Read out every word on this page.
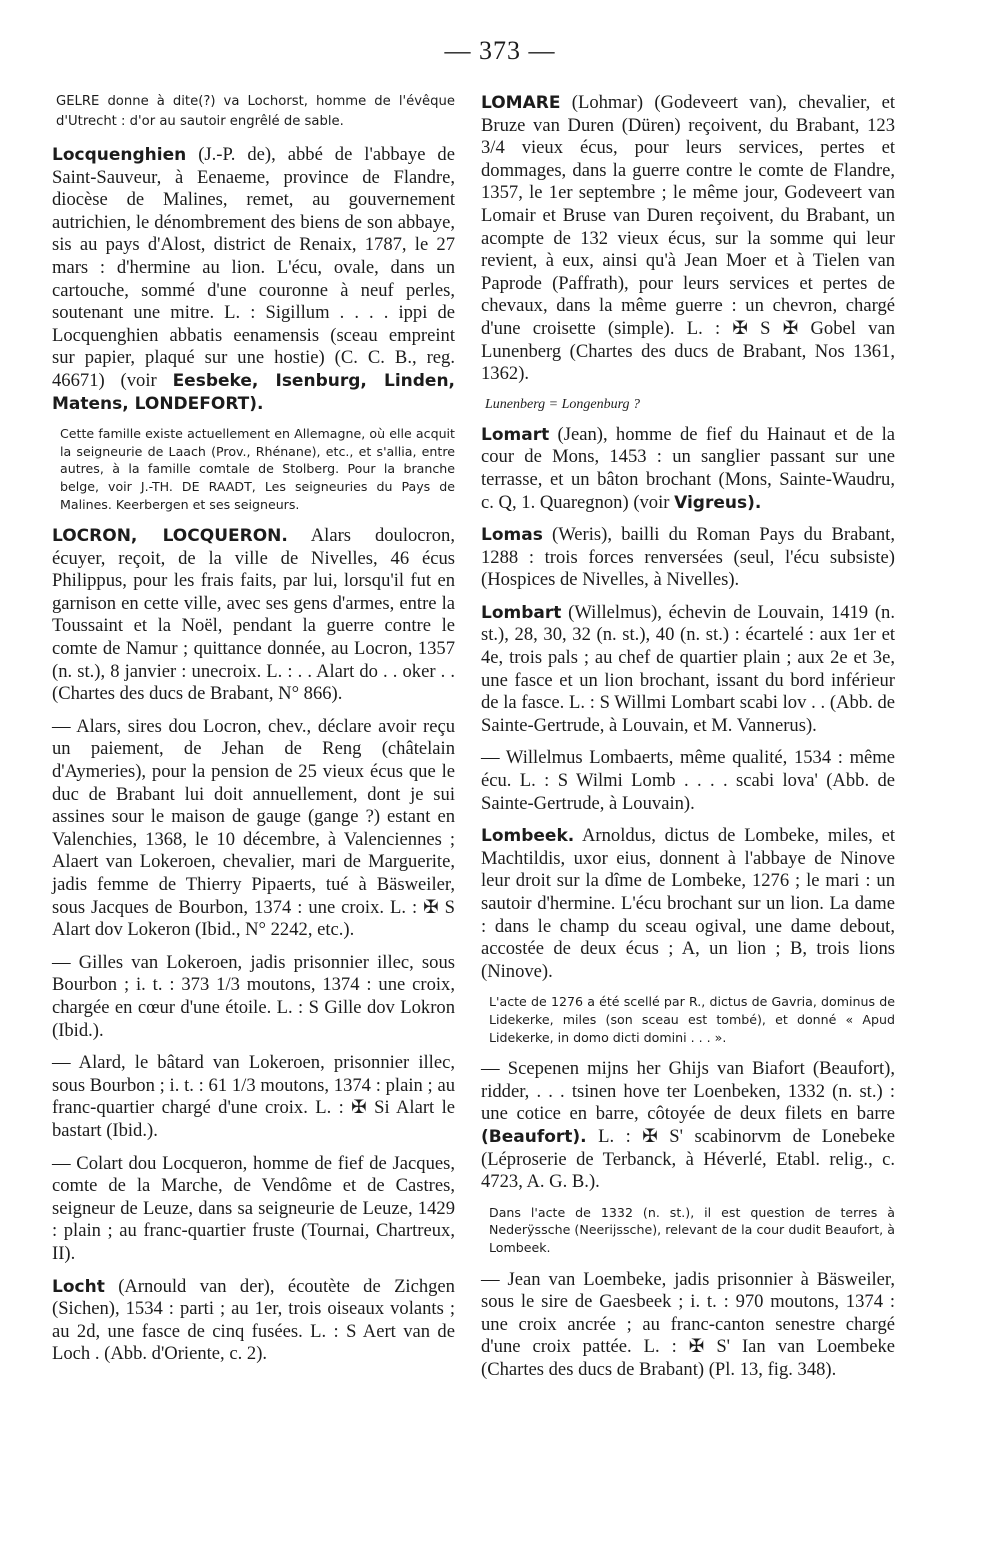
— 373 —

GELRE donne à dite(?) va Lochorst, homme de l'évêque d'Utrecht : d'or au sautoir engrêlé de sable.

Locquenghien (J.-P. de), abbé de l'abbaye de Saint-Sauveur, à Eenaeme, province de Flandre, diocèse de Malines, remet, au gouvernement autrichien, le dénombrement des biens de son abbaye, sis au pays d'Alost, district de Renaix, 1787, le 27 mars : d'hermine au lion. L'écu, ovale, dans un cartouche, sommé d'une couronne à neuf perles, soutenant une mitre. L. : Sigillum . . . . ippi de Locquenghien abbatis eenamensis (sceau empreint sur papier, plaqué sur une hostie) (C. C. B., reg. 46671) (voir Eesbeke, Isenburg, Linden, Matens, LONDEFORT).

Cette famille existe actuellement en Allemagne, où elle acquit la seigneurie de Laach (Prov., Rhénane), etc., et s'allia, entre autres, à la famille comtale de Stolberg. Pour la branche belge, voir J.-TH. DE RAADT, Les seigneuries du Pays de Malines. Keerbergen et ses seigneurs.

LOCRON, LOCQUERON. Alars doulocron, écuyer, reçoit, de la ville de Nivelles, 46 écus Philippus, pour les frais faits, par lui, lorsqu'il fut en garnison en cette ville, avec ses gens d'armes, entre la Toussaint et la Noël, pendant la guerre contre le comte de Namur ; quittance donnée, au Locron, 1357 (n. st.), 8 janvier : unecroix. L. : . . Alart do . . oker . . (Chartes des ducs de Brabant, N° 866).

— Alars, sires dou Locron, chev., déclare avoir reçu un paiement, de Jehan de Reng (châtelain d'Aymeries), pour la pension de 25 vieux écus que le duc de Brabant lui doit annuellement, dont je sui assines sour le maison de gauge (gange ?) estant en Valenchies, 1368, le 10 décembre, à Valenciennes ; Alaert van Lokeroen, chevalier, mari de Marguerite, jadis femme de Thierry Pipaerts, tué à Bäsweiler, sous Jacques de Bourbon, 1374 : une croix. L. : ✠ S Alart dov Lokeron (Ibid., N° 2242, etc.).

— Gilles van Lokeroen, jadis prisonnier illec, sous Bourbon ; i. t. : 373 1/3 moutons, 1374 : une croix, chargée en cœur d'une étoile. L. : S Gille dov Lokron (Ibid.).

— Alard, le bâtard van Lokeroen, prisonnier illec, sous Bourbon ; i. t. : 61 1/3 moutons, 1374 : plain ; au franc-quartier chargé d'une croix. L. : ✠ Si Alart le bastart (Ibid.).

— Colart dou Locqueron, homme de fief de Jacques, comte de la Marche, de Vendôme et de Castres, seigneur de Leuze, dans sa seigneurie de Leuze, 1429 : plain ; au franc-quartier fruste (Tournai, Chartreux, II).

Locht (Arnould van der), écoutète de Zichgen (Sichen), 1534 : parti ; au 1er, trois oiseaux volants ; au 2d, une fasce de cinq fusées. L. : S Aert van de Loch . (Abb. d'Oriente, c. 2).

LOMARE (Lohmar) (Godeveert van), chevalier, et Bruze van Duren (Düren) reçoivent, du Brabant, 123 3/4 vieux écus, pour leurs services, pertes et dommages, dans la guerre contre le comte de Flandre, 1357, le 1er septembre ; le même jour, Godeveert van Lomair et Bruse van Duren reçoivent, du Brabant, un acompte de 132 vieux écus, sur la somme qui leur revient, à eux, ainsi qu'à Jean Moer et à Tielen van Paprode (Paffrath), pour leurs services et pertes de chevaux, dans la même guerre : un chevron, chargé d'une croisette (simple). L. : ✠ S ✠ Gobel van Lunenberg (Chartes des ducs de Brabant, Nos 1361, 1362).

Lunenberg = Longenburg ?

Lomart (Jean), homme de fief du Hainaut et de la cour de Mons, 1453 : un sanglier passant sur une terrasse, et un bâton brochant (Mons, Sainte-Waudru, c. Q, 1. Quaregnon) (voir Vigreus).

Lomas (Weris), bailli du Roman Pays du Brabant, 1288 : trois forces renversées (seul, l'écu subsiste) (Hospices de Nivelles, à Nivelles).

Lombart (Willelmus), échevin de Louvain, 1419 (n. st.), 28, 30, 32 (n. st.), 40 (n. st.) : écartelé : aux 1er et 4e, trois pals ; au chef de quartier plain ; aux 2e et 3e, une fasce et un lion brochant, issant du bord inférieur de la fasce. L. : S Willmi Lombart scabi lov . . (Abb. de Sainte-Gertrude, à Louvain, et M. Vannerus).

— Willelmus Lombaerts, même qualité, 1534 : même écu. L. : S Wilmi Lomb . . . . scabi lova' (Abb. de Sainte-Gertrude, à Louvain).

Lombeek. Arnoldus, dictus de Lombeke, miles, et Machtildis, uxor eius, donnent à l'abbaye de Ninove leur droit sur la dîme de Lombeke, 1276 ; le mari : un sautoir d'hermine. L'écu brochant sur un lion. La dame : dans le champ du sceau ogival, une dame debout, accostée de deux écus ; A, un lion ; B, trois lions (Ninove).

L'acte de 1276 a été scellé par R., dictus de Gavria, dominus de Lidekerke, miles (son sceau est tombé), et donné « Apud Lidekerke, in domo dicti domini . . . ».

— Scepenen mijns her Ghijs van Biafort (Beaufort), ridder, . . . tsinen hove ter Loenbeken, 1332 (n. st.) : une cotice en barre, côtoyée de deux filets en barre (Beaufort). L. : ✠ S' scabinorvm de Lonebeke (Léproserie de Terbanck, à Héverlé, Etabl. relig., c. 4723, A. G. B.).

Dans l'acte de 1332 (n. st.), il est question de terres à Nederÿssche (Neerijssche), relevant de la cour dudit Beaufort, à Lombeek.

— Jean van Loembeke, jadis prisonnier à Bäsweiler, sous le sire de Gaesbeek ; i. t. : 970 moutons, 1374 : une croix ancrée ; au franc-canton senestre chargé d'une croix pattée. L. : ✠ S' Ian van Loembeke (Chartes des ducs de Brabant) (Pl. 13, fig. 348).
